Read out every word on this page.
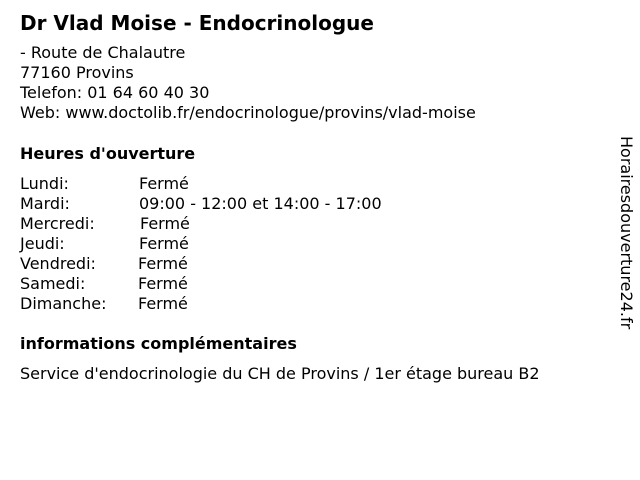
Dr Vlad Moise - Endocrinologue
- Route de Chalautre
77160 Provins
Telefon: 01 64 60 40 30
Web: www.doctolib.fr/endocrinologue/provins/vlad-moise
Heures d'ouverture
Lundi:	Fermé
Mardi:	09:00 - 12:00 et 14:00 - 17:00
Mercredi:	Fermé
Jeudi:	Fermé
Vendredi:	Fermé
Samedi:	Fermé
Dimanche: Fermé
informations complémentaires
Service d'endocrinologie du CH de Provins / 1er étage bureau B2
Horairesdouverture24.fr
